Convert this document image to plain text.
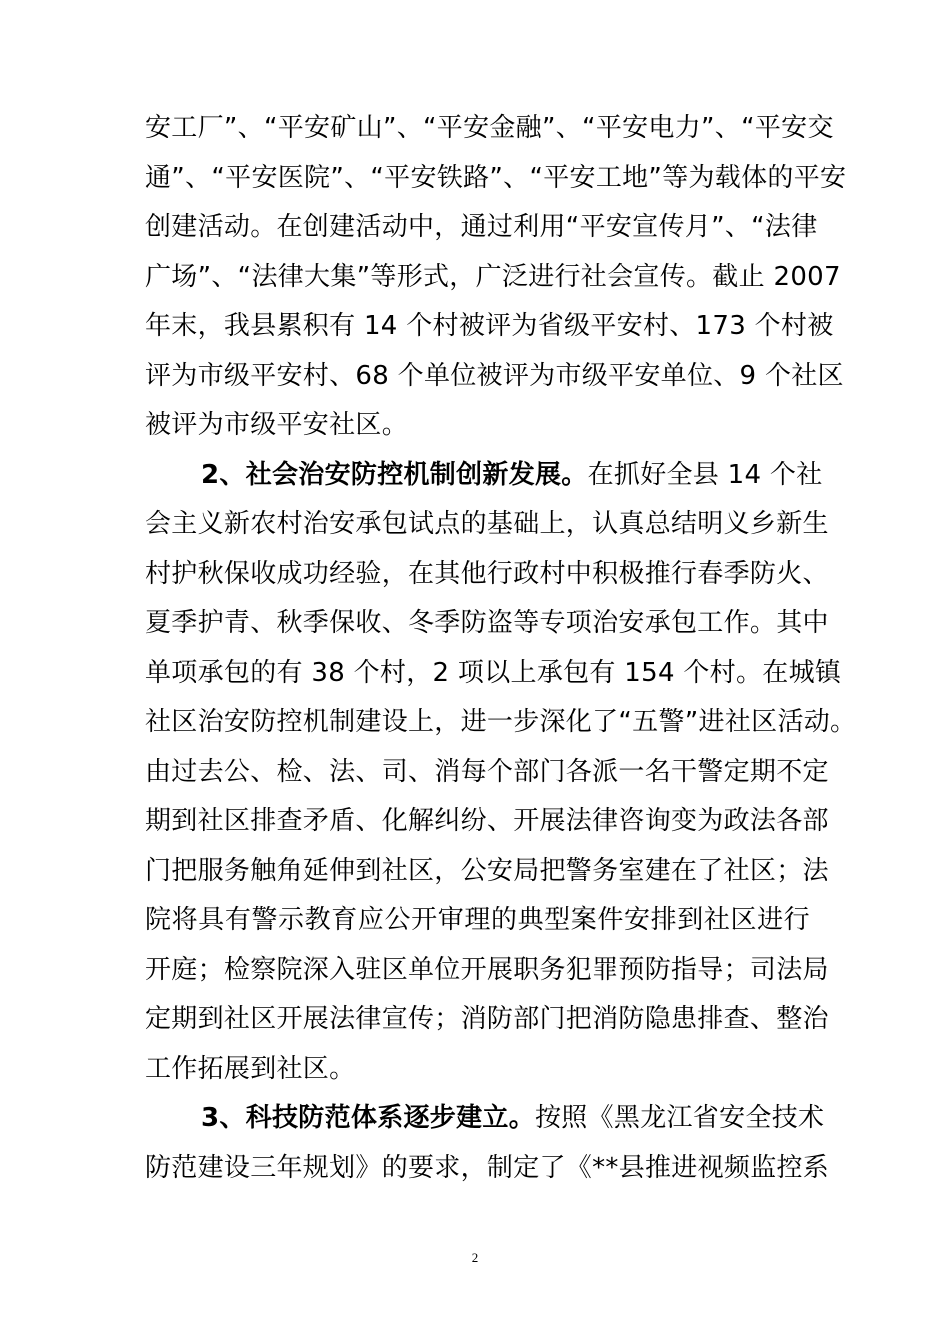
安工厂”、“平安矿山”、“平安金融”、“平安电力”、“平安交
通”、“平安医院”、“平安铁路”、“平安工地”等为载体的平安
创建活动。在创建活动中，通过利用“平安宣传月”、“法律
广场”、“法律大集”等形式，广泛进行社会宣传。截止 2007
年末，我县累积有 14 个村被评为省级平安村、173 个村被
评为市级平安村、68 个单位被评为市级平安单位、9 个社区
被评为市级平安社区。
2、社会治安防控机制创新发展。在抓好全县 14 个社
会主义新农村治安承包试点的基础上，认真总结明义乡新生
村护秋保收成功经验，在其他行政村中积极推行春季防火、
夏季护青、秋季保收、冬季防盗等专项治安承包工作。其中
单项承包的有 38 个村，2 项以上承包有 154 个村。在城镇
社区治安防控机制建设上，进一步深化了“五警”进社区活动。
由过去公、检、法、司、消每个部门各派一名干警定期不定
期到社区排查矛盾、化解纠纷、开展法律咨询变为政法各部
门把服务触角延伸到社区，公安局把警务室建在了社区；法
院将具有警示教育应公开审理的典型案件安排到社区进行
开庭；检察院深入驻区单位开展职务犯罪预防指导；司法局
定期到社区开展法律宣传；消防部门把消防隐患排查、整治
工作拓展到社区。
3、科技防范体系逐步建立。按照《黑龙江省安全技术
防范建设三年规划》的要求，制定了《**县推进视频监控系
2
